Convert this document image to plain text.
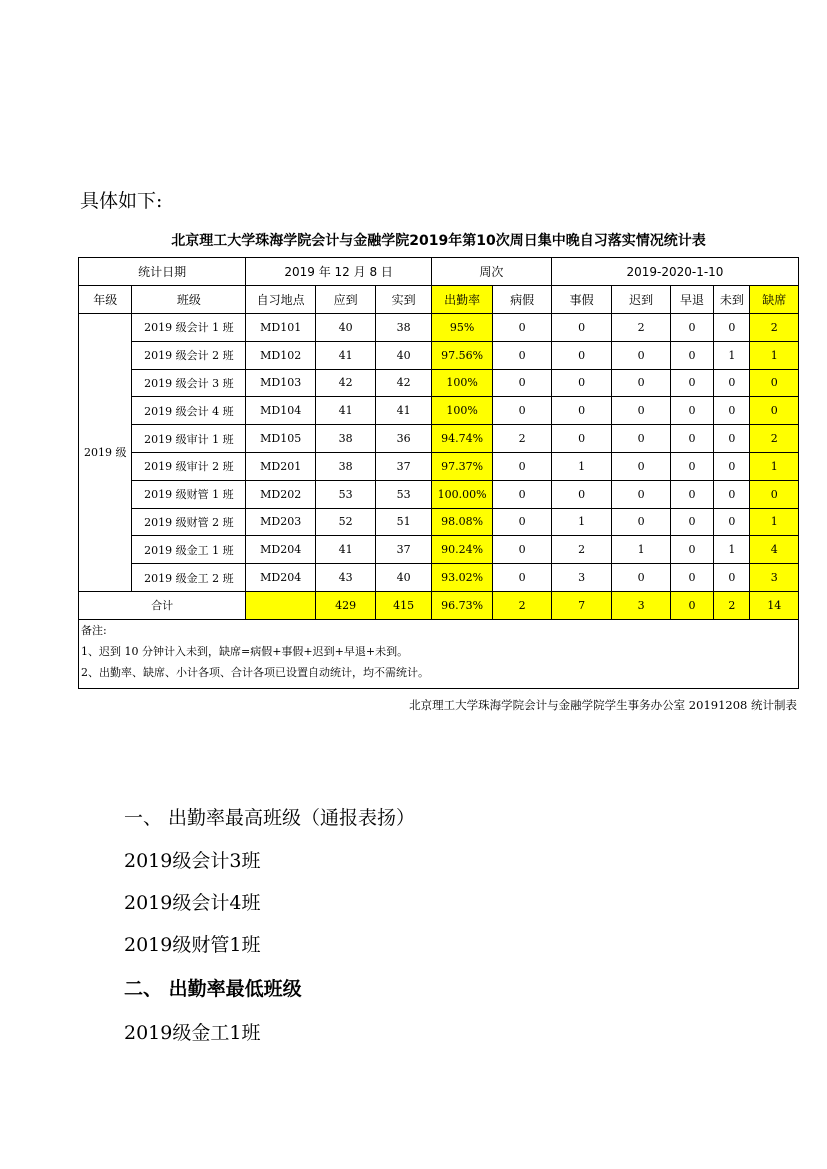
具体如下:
北京理工大学珠海学院会计与金融学院2019年第10次周日集中晚自习落实情况统计表
统计日期		2019 年 12 月 8 日			周次		2019-2020-1-10				
年级	班级	自习地点	应到	实到	出勤率	病假	事假	迟到	早退	未到	缺席
2019 级	2019 级会计 1 班	MD101	40	38	95%	0	0	2	0	0	2
	2019 级会计 2 班	MD102	41	40	97.56%	0	0	0	0	1	1
	2019 级会计 3 班	MD103	42	42	100%	0	0	0	0	0	0
	2019 级会计 4 班	MD104	41	41	100%	0	0	0	0	0	0
	2019 级审计 1 班	MD105	38	36	94.74%	2	0	0	0	0	2
	2019 级审计 2 班	MD201	38	37	97.37%	0	1	0	0	0	1
	2019 级财管 1 班	MD202	53	53	100.00%	0	0	0	0	0	0
	2019 级财管 2 班	MD203	52	51	98.08%	0	1	0	0	0	1
	2019 级金工 1 班	MD204	41	37	90.24%	0	2	1	0	1	4
	2019 级金工 2 班	MD204	43	40	93.02%	0	3	0	0	0	3
合计			429	415	96.73%	2	7	3	0	2	14

备注:
1、迟到 10 分钟计入未到，缺席=病假+事假+迟到+早退+未到。
2、出勤率、缺席、小计各项、合计各项已设置自动统计，均不需统计。											
北京理工大学珠海学院会计与金融学院学生事务办公室 20191208 统计制表
一、 出勤率最高班级（通报表扬）
2019级会计3班
2019级会计4班
2019级财管1班
二、 出勤率最低班级
2019级金工1班
